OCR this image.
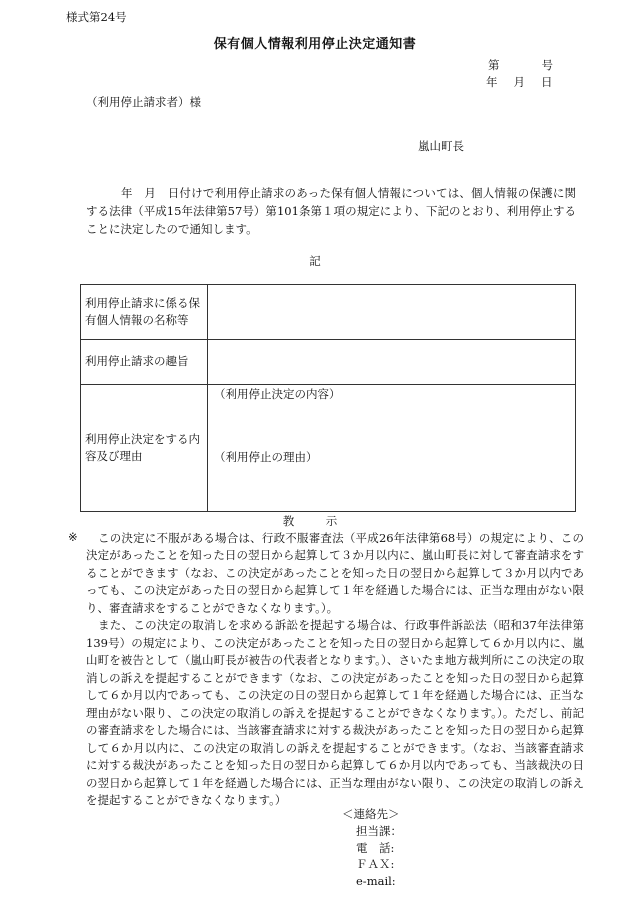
様式第24号
保有個人情報利用停止決定通知書
第	号
年 月 日
（利用停止請求者）様
嵐山町長
　　　年　月　日付けで利用停止請求のあった保有個人情報については、個人情報の保護に関する法律（平成15年法律第57号）第101条第１項の規定により、下記のとおり、利用停止することに決定したので通知します。
記
利用停止請求に係る保有個人情報の名称等	
利用停止請求の趣旨	
利用停止決定をする内容及び理由	（利用停止決定の内容）
（利用停止の理由）
教　示
※	この決定に不服がある場合は、行政不服審査法（平成26年法律第68号）の規定により、この決定があったことを知った日の翌日から起算して３か月以内に、嵐山町長に対して審査請求をすることができます（なお、この決定があったことを知った日の翌日から起算して３か月以内であっても、この決定があった日の翌日から起算して１年を経過した場合には、正当な理由がない限り、審査請求をすることができなくなります。）。

また、この決定の取消しを求める訴訟を提起する場合は、行政事件訴訟法（昭和37年法律第139号）の規定により、この決定があったことを知った日の翌日から起算して６か月以内に、嵐山町を被告として（嵐山町長が被告の代表者となります。）、さいたま地方裁判所にこの決定の取消しの訴えを提起することができます（なお、この決定があったことを知った日の翌日から起算して６か月以内であっても、この決定の日の翌日から起算して１年を経過した場合には、正当な理由がない限り、この決定の取消しの訴えを提起することができなくなります。）。ただし、前記の審査請求をした場合には、当該審査請求に対する裁決があったことを知った日の翌日から起算して６か月以内に、この決定の取消しの訴えを提起することができます。（なお、当該審査請求に対する裁決があったことを知った日の翌日から起算して６か月以内であっても、当該裁決の日の翌日から起算して１年を経過した場合には、正当な理由がない限り、この決定の取消しの訴えを提起することができなくなります。）

＜連絡先＞
担当課：
電　話:
ＦＡＸ:
e-mail:
